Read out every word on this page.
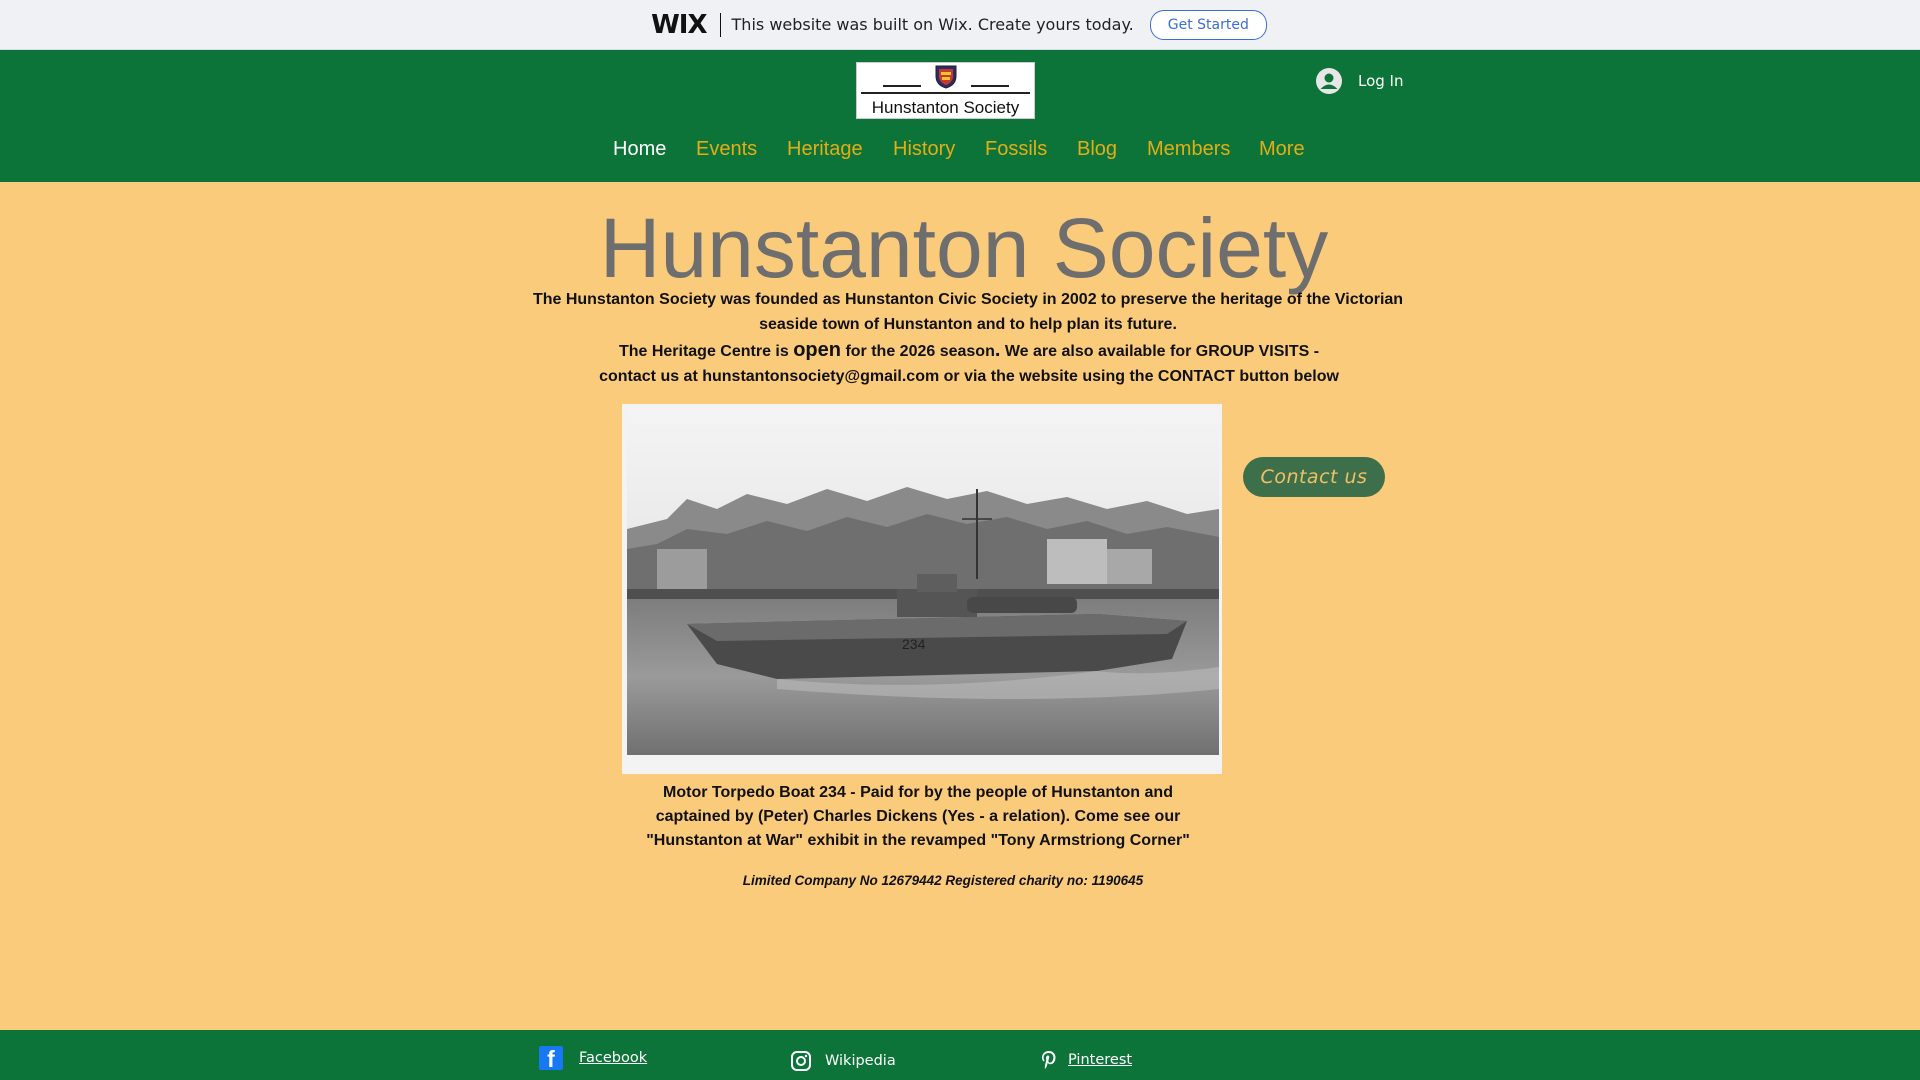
WIX This website was built on Wix. Create yours today.	Get Started
Hunstanton Society
Log In
Home Events Heritage History Fossils Blog Members More
Hunstanton Society
The Hunstanton Society was founded as Hunstanton Civic Society in 2002 to preserve the heritage of the Victorian seaside town of Hunstanton and to help plan its future.
The Heritage Centre is open for the 2026 season. We are also available for GROUP VISITS - contact us at hunstantonsociety@gmail.com or via the website using the CONTACT button below
234
Contact us
Motor Torpedo Boat 234 - Paid for by the people of Hunstanton and captained by (Peter) Charles Dickens (Yes - a relation). Come see our "Hunstanton at War" exhibit in the revamped "Tony Armstriong Corner"
Limited Company No 12679442 Registered charity no: 1190645
f Facebook	Wikipedia	Pinterest
